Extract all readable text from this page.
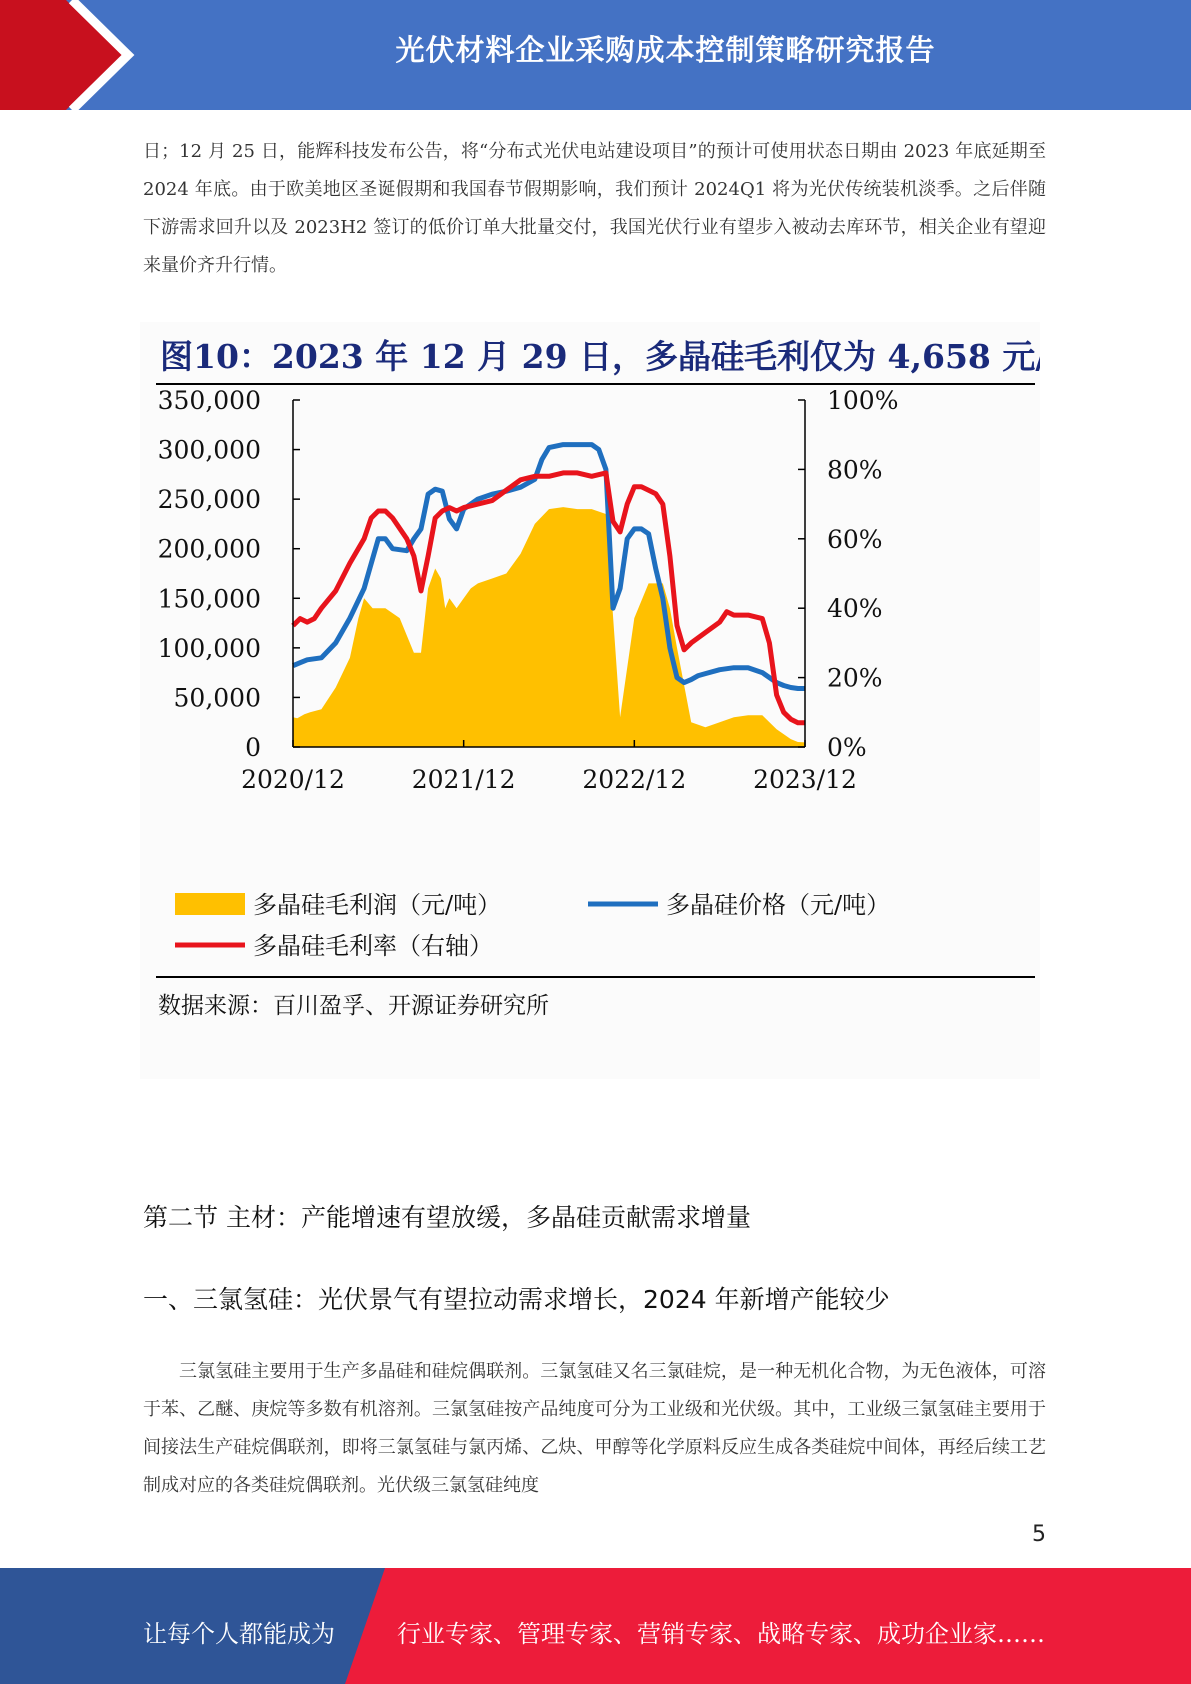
光伏材料企业采购成本控制策略研究报告

日；12 月 25 日，能辉科技发布公告，将“分布式光伏电站建设项目”的预计可使用状态日期由 2023 年底延期至 2024 年底。由于欧美地区圣诞假期和我国春节假期影响，我们预计 2024Q1 将为光伏传统装机淡季。之后伴随下游需求回升以及 2023H2 签订的低价订单大批量交付，我国光伏行业有望步入被动去库环节，相关企业有望迎来量价齐升行情。

图10：2023 年 12 月 29 日，多晶硅毛利仅为 4,658 元/吨
350,000
300,000
250,000
200,000
150,000
100,000
50,000
0
100%
80%
60%
40%
20%
0%
2020/12	2021/12	2022/12	2023/12
多晶硅毛利润（元/吨）	多晶硅价格（元/吨）
多晶硅毛利率（右轴）
数据来源：百川盈孚、开源证券研究所
第二节 主材：产能增速有望放缓，多晶硅贡献需求增量
一、三氯氢硅：光伏景气有望拉动需求增长，2024 年新增产能较少

三氯氢硅主要用于生产多晶硅和硅烷偶联剂。三氯氢硅又名三氯硅烷，是一种无机化合物，为无色液体，可溶于苯、乙醚、庚烷等多数有机溶剂。三氯氢硅按产品纯度可分为工业级和光伏级。其中，工业级三氯氢硅主要用于间接法生产硅烷偶联剂，即将三氯氢硅与氯丙烯、乙炔、甲醇等化学原料反应生成各类硅烷中间体，再经后续工艺制成对应的各类硅烷偶联剂。光伏级三氯氢硅纯度

5
让每个人都能成为	行业专家、管理专家、营销专家、战略专家、成功企业家……
